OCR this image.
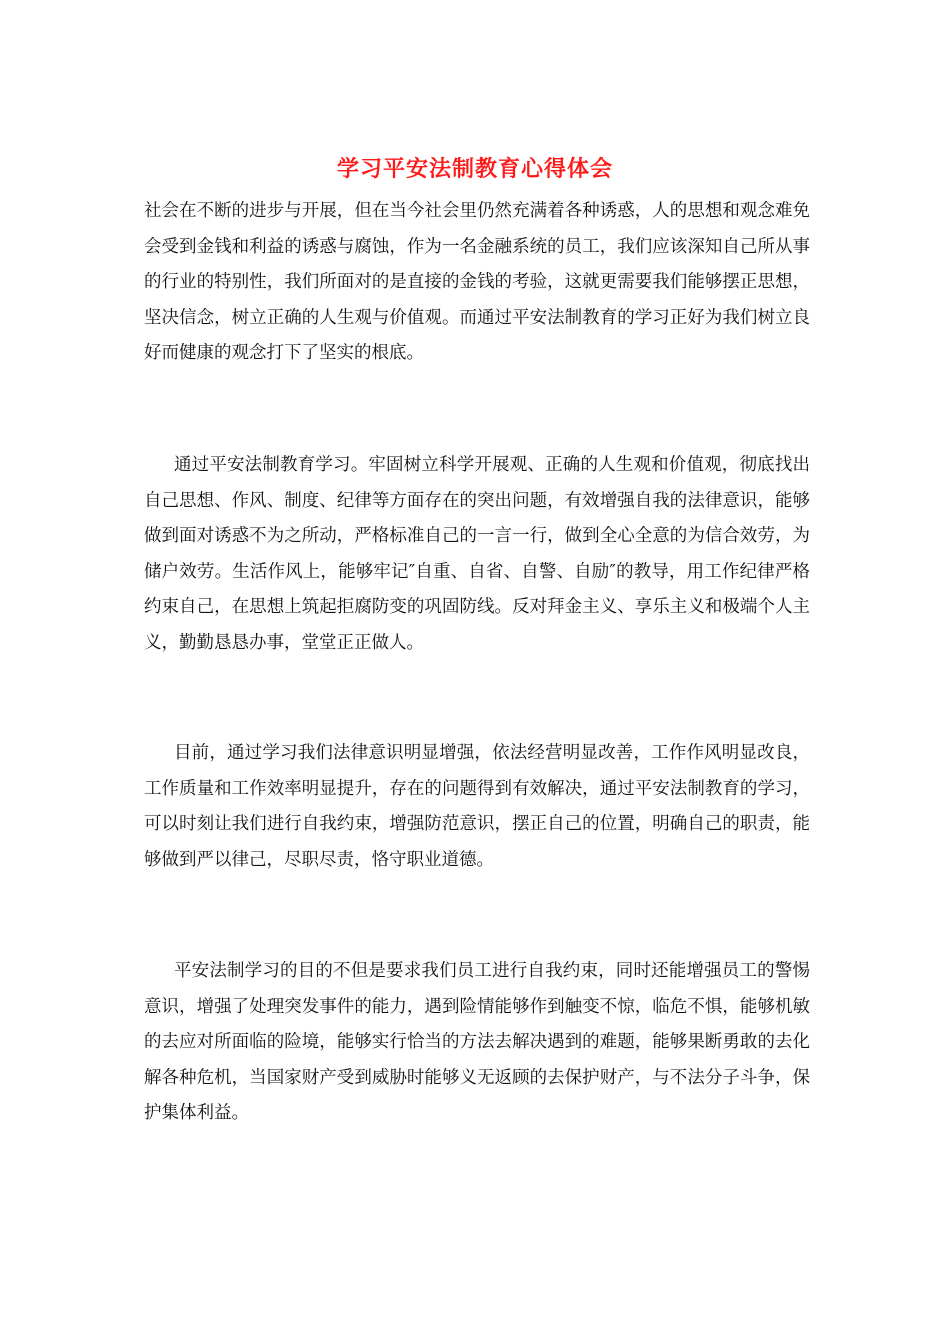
学习平安法制教育心得体会

社会在不断的进步与开展，但在当今社会里仍然充满着各种诱惑，人的思想和观念难免会受到金钱和利益的诱惑与腐蚀，作为一名金融系统的员工，我们应该深知自己所从事的行业的特别性，我们所面对的是直接的金钱的考验，这就更需要我们能够摆正思想，坚决信念，树立正确的人生观与价值观。而通过平安法制教育的学习正好为我们树立良好而健康的观念打下了坚实的根底。

通过平安法制教育学习。牢固树立科学开展观、正确的人生观和价值观，彻底找出自己思想、作风、制度、纪律等方面存在的突出问题，有效增强自我的法律意识，能够做到面对诱惑不为之所动，严格标准自己的一言一行，做到全心全意的为信合效劳，为储户效劳。生活作风上，能够牢记″自重、自省、自警、自励″的教导，用工作纪律严格约束自己，在思想上筑起拒腐防变的巩固防线。反对拜金主义、享乐主义和极端个人主义，勤勤恳恳办事，堂堂正正做人。

目前，通过学习我们法律意识明显增强，依法经营明显改善，工作作风明显改良，工作质量和工作效率明显提升，存在的问题得到有效解决，通过平安法制教育的学习，可以时刻让我们进行自我约束，增强防范意识，摆正自己的位置，明确自己的职责，能够做到严以律己，尽职尽责，恪守职业道德。

平安法制学习的目的不但是要求我们员工进行自我约束，同时还能增强员工的警惕意识，增强了处理突发事件的能力，遇到险情能够作到触变不惊，临危不惧，能够机敏的去应对所面临的险境，能够实行恰当的方法去解决遇到的难题，能够果断勇敢的去化解各种危机，当国家财产受到威胁时能够义无返顾的去保护财产，与不法分子斗争，保护集体利益。
